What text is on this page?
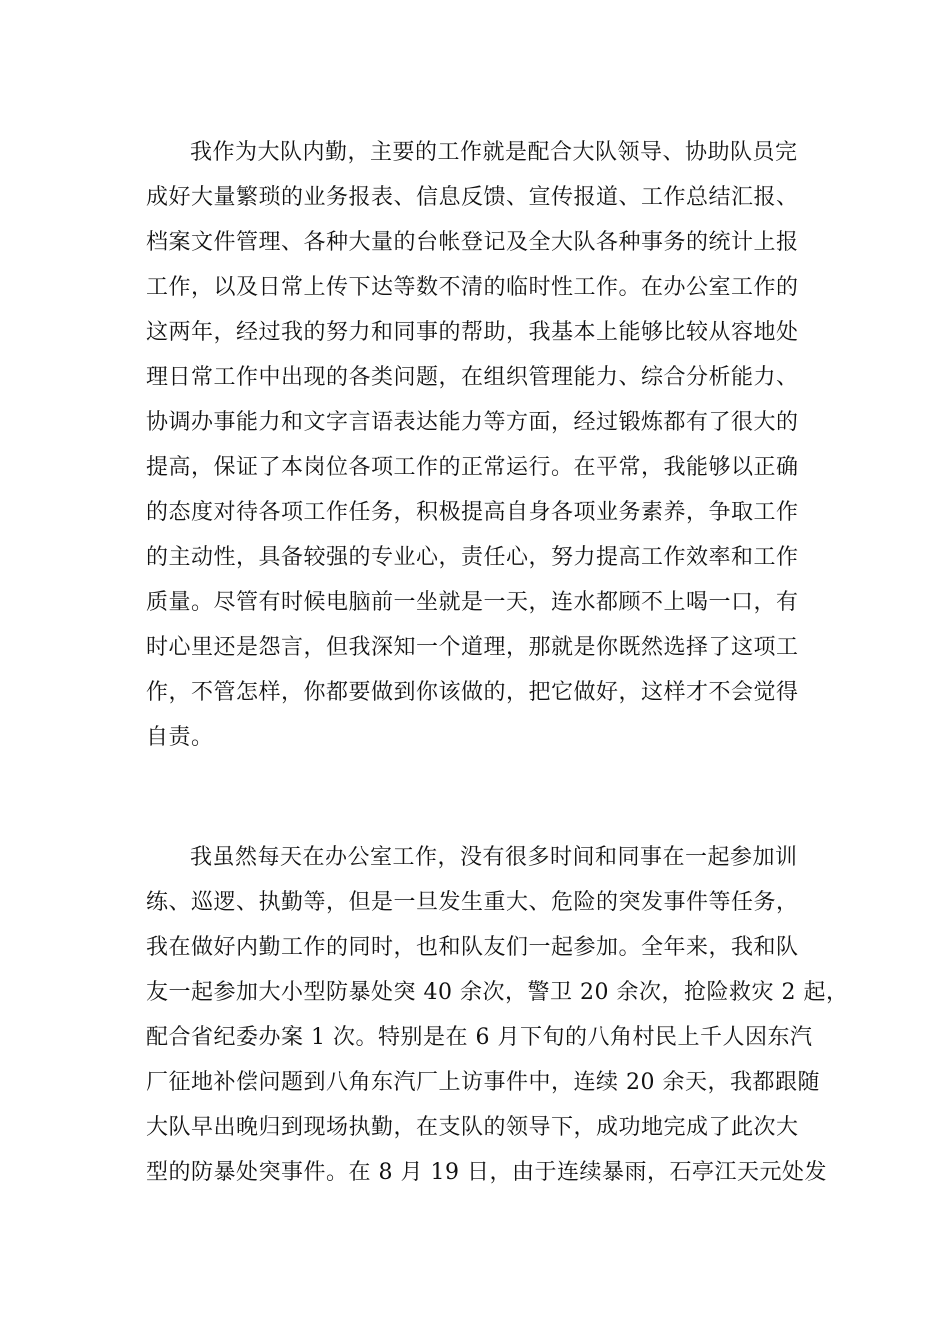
我作为大队内勤，主要的工作就是配合大队领导、协助队员完
成好大量繁琐的业务报表、信息反馈、宣传报道、工作总结汇报、
档案文件管理、各种大量的台帐登记及全大队各种事务的统计上报
工作，以及日常上传下达等数不清的临时性工作。在办公室工作的
这两年，经过我的努力和同事的帮助，我基本上能够比较从容地处
理日常工作中出现的各类问题，在组织管理能力、综合分析能力、
协调办事能力和文字言语表达能力等方面，经过锻炼都有了很大的
提高，保证了本岗位各项工作的正常运行。在平常，我能够以正确
的态度对待各项工作任务，积极提高自身各项业务素养，争取工作
的主动性，具备较强的专业心，责任心，努力提高工作效率和工作
质量。尽管有时候电脑前一坐就是一天，连水都顾不上喝一口，有
时心里还是怨言，但我深知一个道理，那就是你既然选择了这项工
作，不管怎样，你都要做到你该做的，把它做好，这样才不会觉得
自责。
我虽然每天在办公室工作，没有很多时间和同事在一起参加训
练、巡逻、执勤等，但是一旦发生重大、危险的突发事件等任务，
我在做好内勤工作的同时，也和队友们一起参加。全年来，我和队
友一起参加大小型防暴处突 40 余次，警卫 20 余次，抢险救灾 2 起，
配合省纪委办案 1 次。特别是在 6 月下旬的八角村民上千人因东汽
厂征地补偿问题到八角东汽厂上访事件中，连续 20 余天，我都跟随
大队早出晚归到现场执勤，在支队的领导下，成功地完成了此次大
型的防暴处突事件。在 8 月 19 日，由于连续暴雨，石亭江天元处发
